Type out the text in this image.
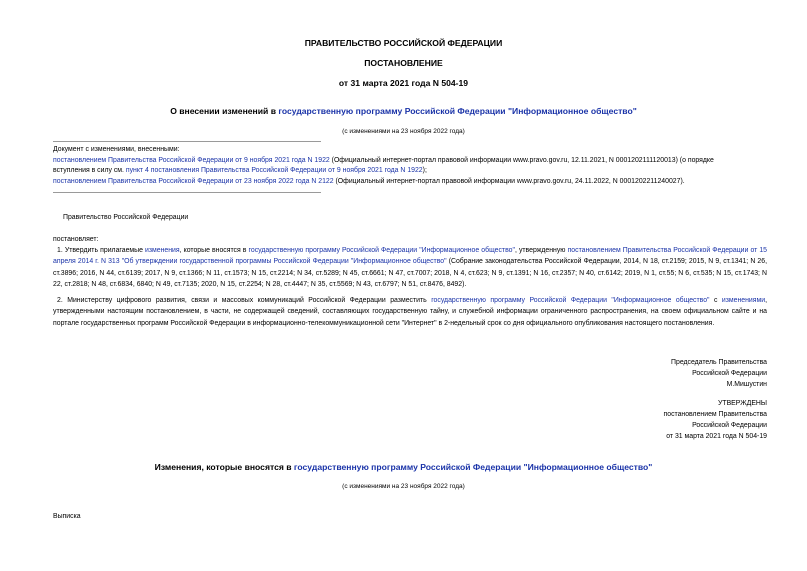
ПРАВИТЕЛЬСТВО РОССИЙСКОЙ ФЕДЕРАЦИИ
ПОСТАНОВЛЕНИЕ
от 31 марта 2021 года N 504-19
О внесении изменений в государственную программу Российской Федерации "Информационное общество"
(с изменениями на 23 ноября 2022 года)
Документ с изменениями, внесенными:
постановлением Правительства Российской Федерации от 9 ноября 2021 года N 1922 (Официальный интернет-портал правовой информации www.pravo.gov.ru, 12.11.2021, N 0001202111120013) (о порядке
вступления в силу см. пункт 4 постановления Правительства Российской Федерации от 9 ноября 2021 года N 1922);
постановлением Правительства Российской Федерации от 23 ноября 2022 года N 2122 (Официальный интернет-портал правовой информации www.pravo.gov.ru, 24.11.2022, N 0001202211240027).
Правительство Российской Федерации
постановляет:
1. Утвердить прилагаемые изменения, которые вносятся в государственную программу Российской Федерации "Информационное общество", утвержденную постановлением Правительства Российской Федерации от 15 апреля 2014 г. N 313 "Об утверждении государственной программы Российской Федерации "Информационное общество" (Собрание законодательства Российской Федерации, 2014, N 18, ст.2159; 2015, N 9, ст.1341; N 26, ст.3896; 2016, N 44, ст.6139; 2017, N 9, ст.1366; N 11, ст.1573; N 15, ст.2214; N 34, ст.5289; N 45, ст.6661; N 47, ст.7007; 2018, N 4, ст.623; N 9, ст.1391; N 16, ст.2357; N 40, ст.6142; 2019, N 1, ст.55; N 6, ст.535; N 15, ст.1743; N 22, ст.2818; N 48, ст.6834, 6840; N 49, ст.7135; 2020, N 15, ст.2254; N 28, ст.4447; N 35, ст.5569; N 43, ст.6797; N 51, ст.8476, 8492).
2. Министерству цифрового развития, связи и массовых коммуникаций Российской Федерации разместить государственную программу Российской Федерации "Информационное общество" с изменениями, утвержденными настоящим постановлением, в части, не содержащей сведений, составляющих государственную тайну, и служебной информации ограниченного распространения, на своем официальном сайте и на портале государственных программ Российской Федерации в информационно-телекоммуникационной сети "Интернет" в 2-недельный срок со дня официального опубликования настоящего постановления.
Председатель Правительства
Российской Федерации
М.Мишустин
УТВЕРЖДЕНЫ
постановлением Правительства
Российской Федерации
от 31 марта 2021 года N 504-19
Изменения, которые вносятся в государственную программу Российской Федерации "Информационное общество"
(с изменениями на 23 ноября 2022 года)
Выписка
